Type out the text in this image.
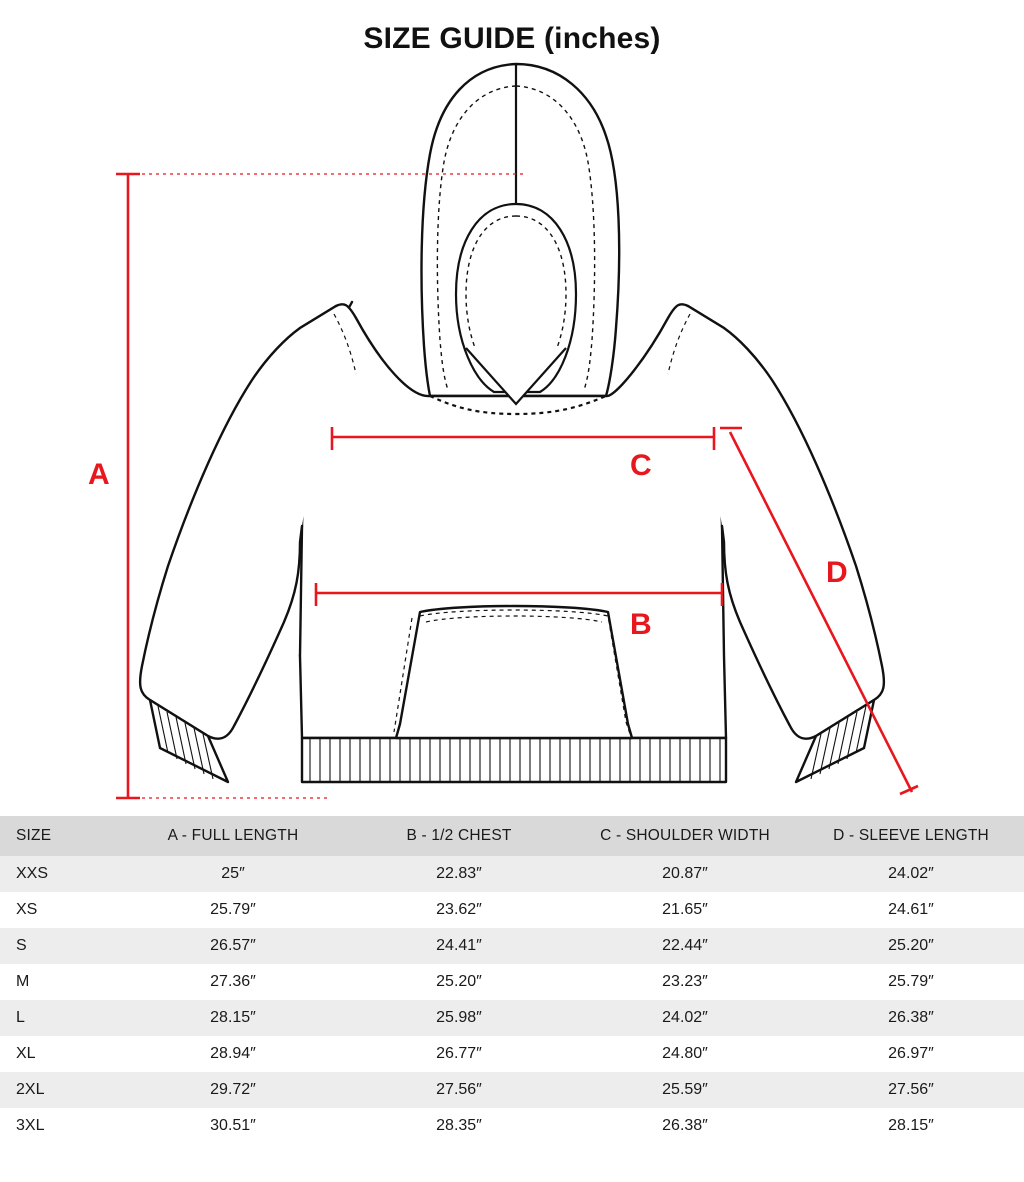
SIZE GUIDE (inches)
A	C
B
D
SIZE	A - FULL LENGTH	B - 1/2 CHEST	C - SHOULDER WIDTH	D - SLEEVE LENGTH
XXS	25″	22.83″	20.87″	24.02″
XS	25.79″	23.62″	21.65″	24.61″
S	26.57″	24.41″	22.44″	25.20″
M	27.36″	25.20″	23.23″	25.79″
L	28.15″	25.98″	24.02″	26.38″
XL	28.94″	26.77″	24.80″	26.97″
2XL	29.72″	27.56″	25.59″	27.56″
3XL	30.51″	28.35″	26.38″	28.15″
